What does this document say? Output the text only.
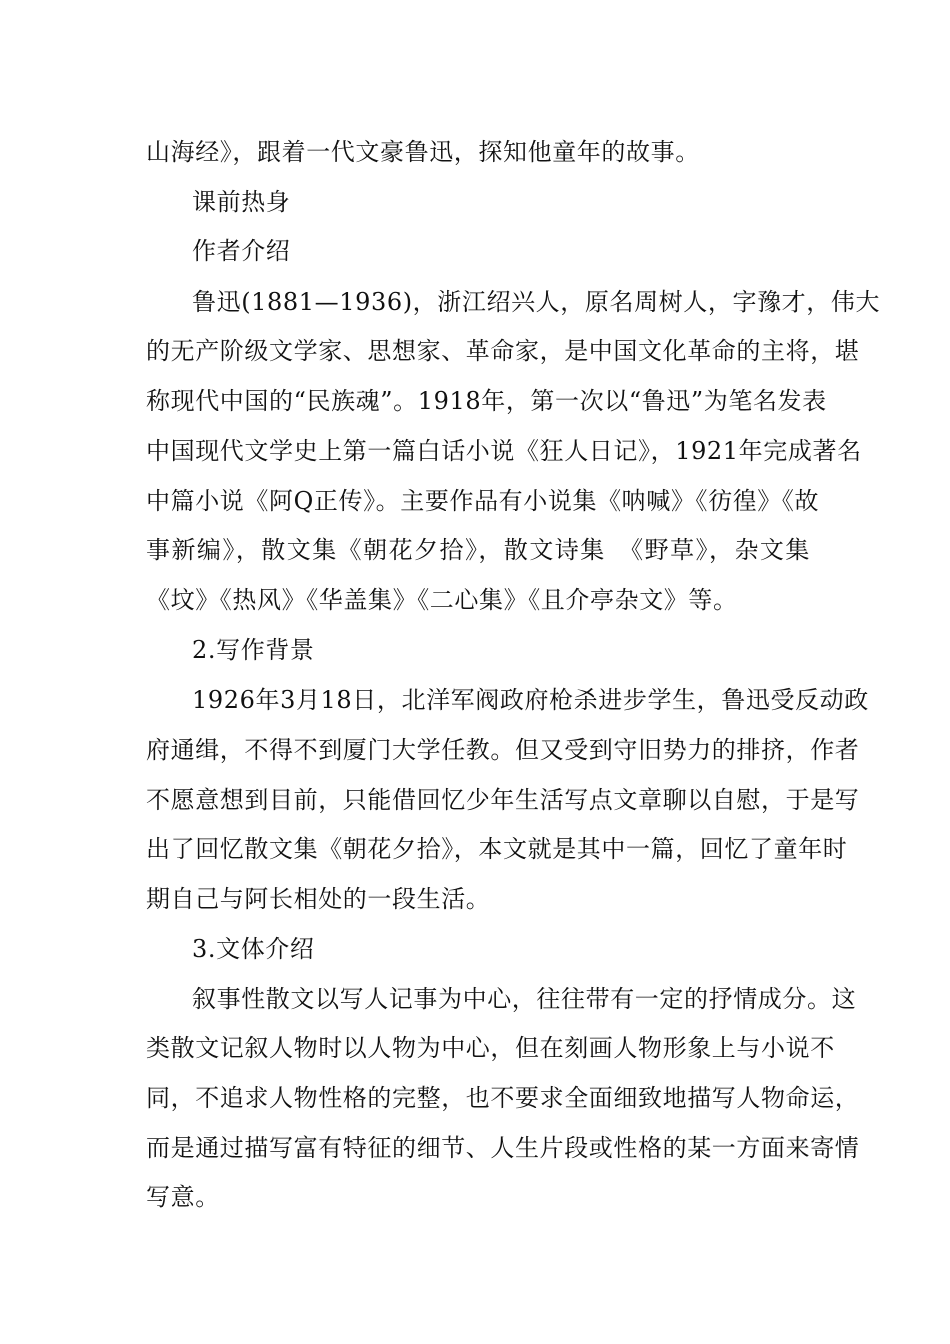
山海经》，跟着一代文豪鲁迅，探知他童年的故事。
课前热身
作者介绍
鲁迅(1881—1936)，浙江绍兴人，原名周树人，字豫才，伟大
的无产阶级文学家、思想家、革命家，是中国文化革命的主将，堪
称现代中国的“民族魂”。1918年，第一次以“鲁迅”为笔名发表
中国现代文学史上第一篇白话小说《狂人日记》，1921年完成著名
中篇小说《阿Q正传》。主要作品有小说集《呐喊》《彷徨》《故
事新编》，散文集《朝花夕拾》，散文诗集　《野草》，杂文集
《坟》《热风》《华盖集》《二心集》《且介亭杂文》等。
2.写作背景
1926年3月18日，北洋军阀政府枪杀进步学生，鲁迅受反动政
府通缉，不得不到厦门大学任教。但又受到守旧势力的排挤，作者
不愿意想到目前，只能借回忆少年生活写点文章聊以自慰，于是写
出了回忆散文集《朝花夕拾》，本文就是其中一篇，回忆了童年时
期自己与阿长相处的一段生活。
3.文体介绍
叙事性散文以写人记事为中心，往往带有一定的抒情成分。这
类散文记叙人物时以人物为中心，但在刻画人物形象上与小说不
同，不追求人物性格的完整，也不要求全面细致地描写人物命运，
而是通过描写富有特征的细节、人生片段或性格的某一方面来寄情
写意。
